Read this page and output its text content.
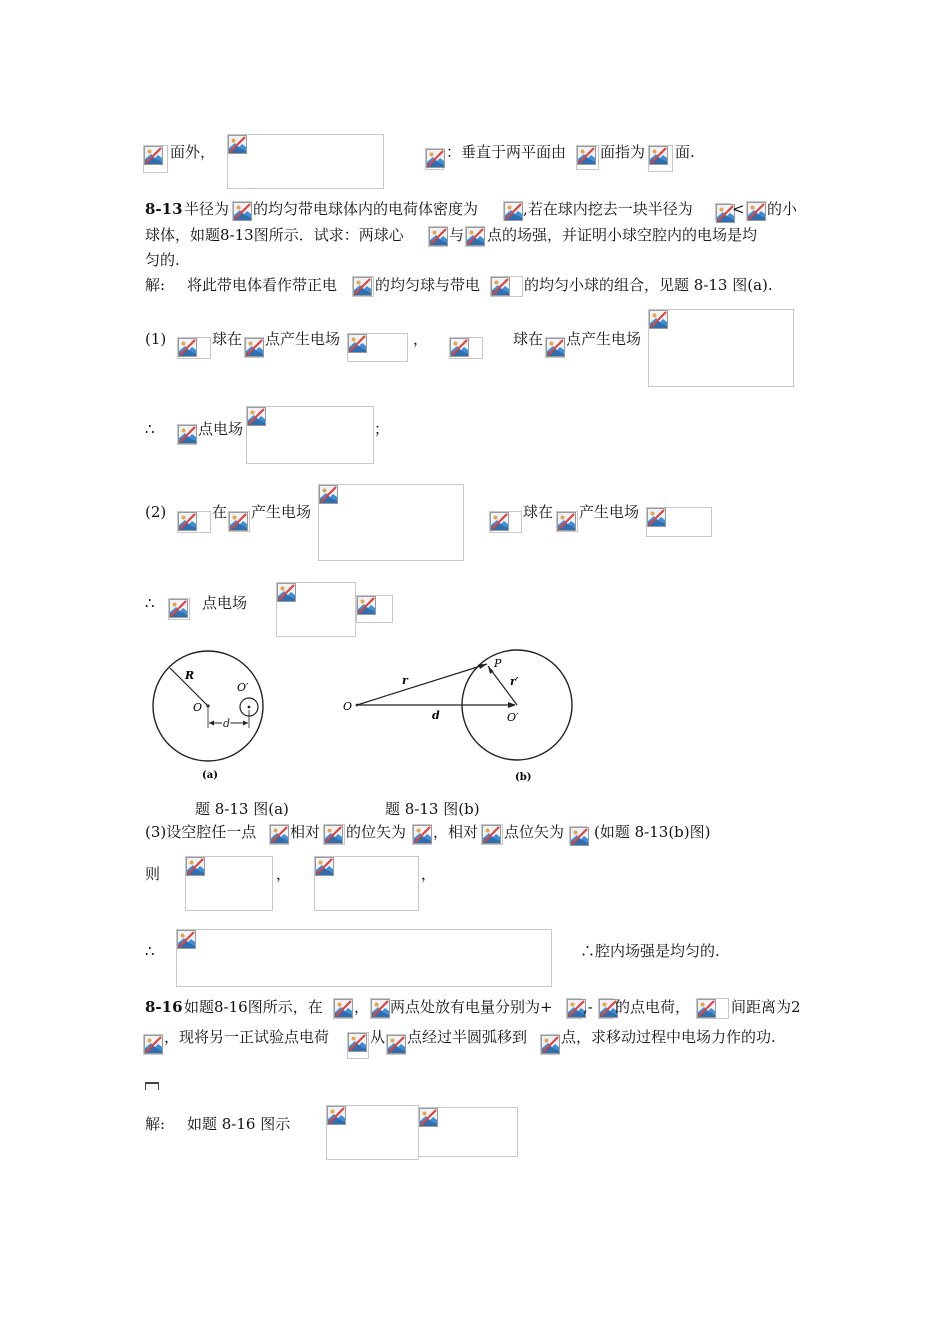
面外，	：垂直于两平面由 面指为 面.
8-13 半径为 的均匀带电球体内的电荷体密度为	,若在球内挖去一块半径为	< 的小
球体，如题8-13图所示．试求：两球心	与 点的场强，并证明小球空腔内的电场是均
匀的.
解: 将此带电体看作带正电	的均匀球与带电	的均匀小球的组合，见题 8-13 图(a).
(1)	球在 点产生电场	，	球在 点产生电场
∴	点电场	；
(2)	在 产生电场	球在 产生电场
∴	点电场
R
O
O′
d
(a)
O
r
P
r′
d	O′
(b)
题 8-13 图(a)	题 8-13 图(b)
(3)设空腔任一点 相对 的位矢为 ，相对 点位矢为 (如题 8-13(b)图)
则	，	，
∴	∴腔内场强是均匀的.
8-16 如题8-16图所示，在 ， 两点处放有电量分别为+ ,- 的点电荷，	间距离为2
，现将另一正试验点电荷	从 点经过半圆弧移到 点，求移动过程中电场力作的功.
解: 如题 8-16 图示
